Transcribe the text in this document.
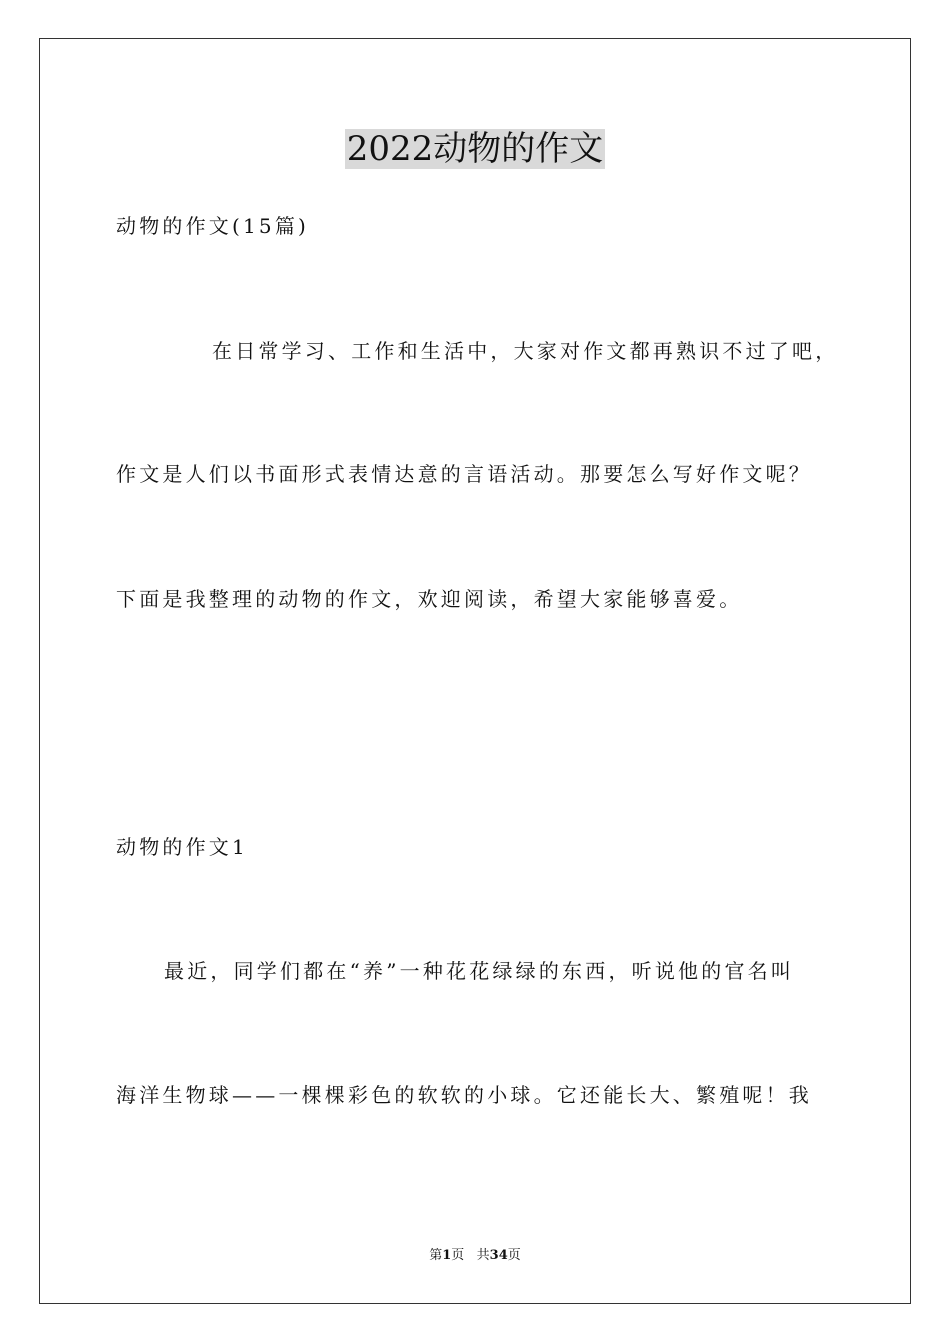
2022动物的作文
动物的作文(15篇)
在日常学习、工作和生活中，大家对作文都再熟识不过了吧，
作文是人们以书面形式表情达意的言语活动。那要怎么写好作文呢？
下面是我整理的动物的作文，欢迎阅读，希望大家能够喜爱。
动物的作文1
最近，同学们都在“养”一种花花绿绿的东西，听说他的官名叫
海洋生物球——一棵棵彩色的软软的小球。它还能长大、繁殖呢！我
第1页   共34页
